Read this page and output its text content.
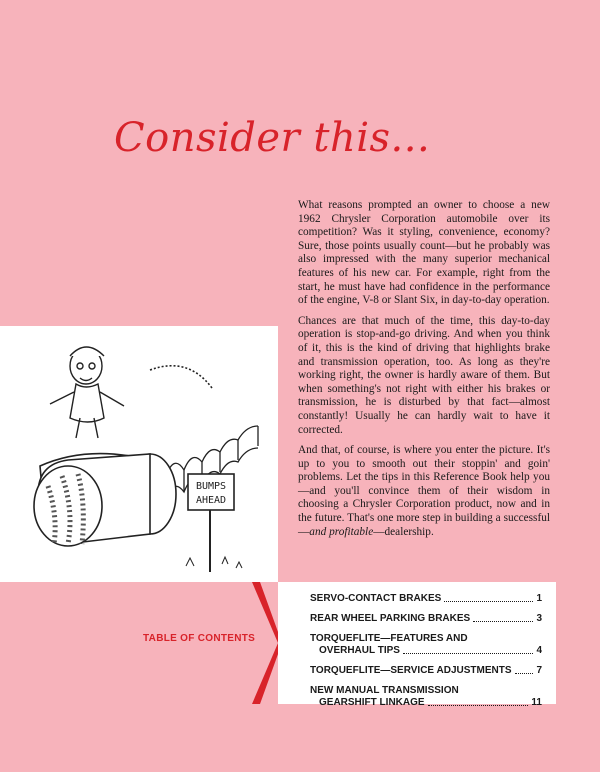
Consider this...

What reasons prompted an owner to choose a new 1962 Chrysler Corporation automobile over its competition? Was it styling, convenience, economy? Sure, those points usually count—but he probably was also impressed with the many superior mechanical features of his new car. For example, right from the start, he must have had confidence in the performance of the engine, V-8 or Slant Six, in day-to-day operation.

Chances are that much of the time, this day-to-day operation is stop-and-go driving. And when you think of it, this is the kind of driving that highlights brake and transmission operation, too. As long as they're working right, the owner is hardly aware of them. But when something's not right with either his brakes or transmission, he is disturbed by that fact—almost constantly! Usually he can hardly wait to have it corrected.

And that, of course, is where you enter the picture. It's up to you to smooth out their stoppin' and goin' problems. Let the tips in this Reference Book help you—and you'll convince them of their wisdom in choosing a Chrysler Corporation product, now and in the future. That's one more step in building a successful—and profitable—dealership.

BUMPS
AHEAD
TABLE OF CONTENTS
SERVO-CONTACT BRAKES	1
REAR WHEEL PARKING BRAKES	3
TORQUEFLITE—FEATURES AND
OVERHAUL TIPS	4
TORQUEFLITE—SERVICE ADJUSTMENTS 7
NEW MANUAL TRANSMISSION
GEARSHIFT LINKAGE	11
